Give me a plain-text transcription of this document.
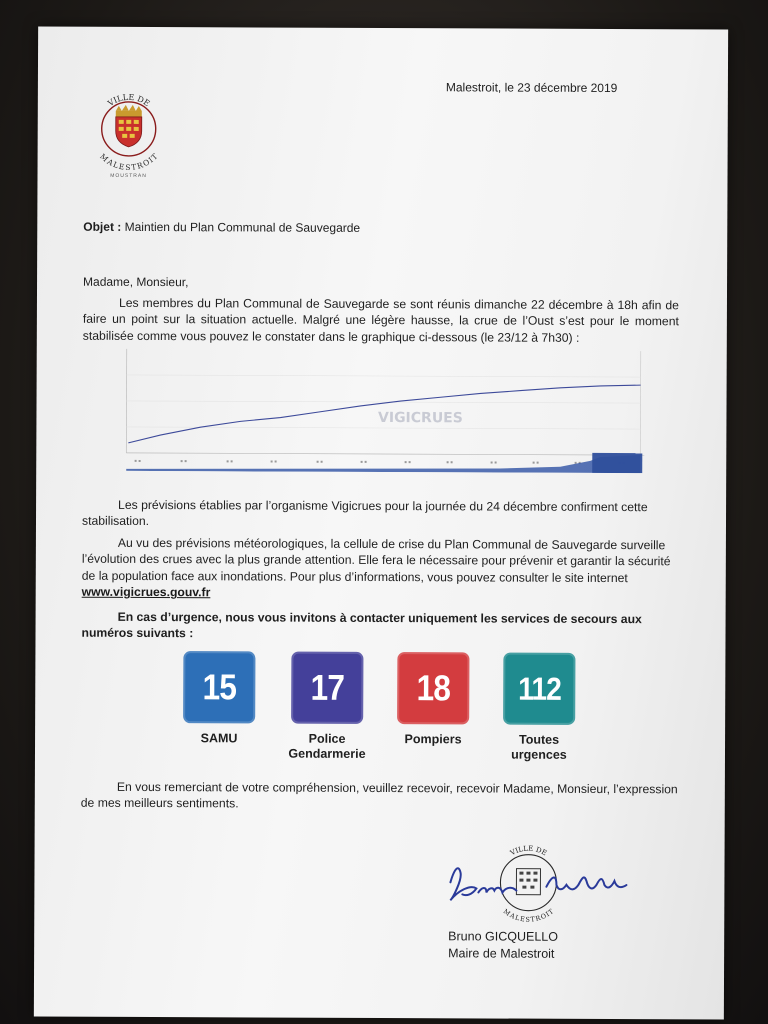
VILLE DE
MALESTROIT
MOUSTRAN
Malestroit, le 23 décembre 2019
Objet : Maintien du Plan Communal de Sauvegarde
Madame, Monsieur,
Les membres du Plan Communal de Sauvegarde se sont réunis dimanche 22 décembre à 18h afin de faire un point sur la situation actuelle. Malgré une légère hausse, la crue de l’Oust s’est pour le moment stabilisée comme vous pouvez le constater dans le graphique ci-dessous (le 23/12 à 7h30) :
▪ ▪	▪ ▪	▪ ▪	▪ ▪	▪ ▪	▪ ▪	▪ ▪	▪ ▪	▪ ▪	▪ ▪	▪ ▪
VIGICRUES
Les prévisions établies par l’organisme Vigicrues pour la journée du 24 décembre confirment cette stabilisation.
Au vu des prévisions météorologiques, la cellule de crise du Plan Communal de Sauvegarde surveille l’évolution des crues avec la plus grande attention. Elle fera le nécessaire pour prévenir et garantir la sécurité de la population face aux inondations. Pour plus d’informations, vous pouvez consulter le site internet www.vigicrues.gouv.fr
En cas d’urgence, nous vous invitons à contacter uniquement les services de secours aux numéros suivants :
15 17 18 112
SAMU	Police
Gendarmerie
Pompiers	Toutes
urgences
En vous remerciant de votre compréhension, veuillez recevoir, recevoir Madame, Monsieur, l’expression de mes meilleurs sentiments.
VILLE DE
MALESTROIT
Bruno GICQUELLO
Maire de Malestroit
